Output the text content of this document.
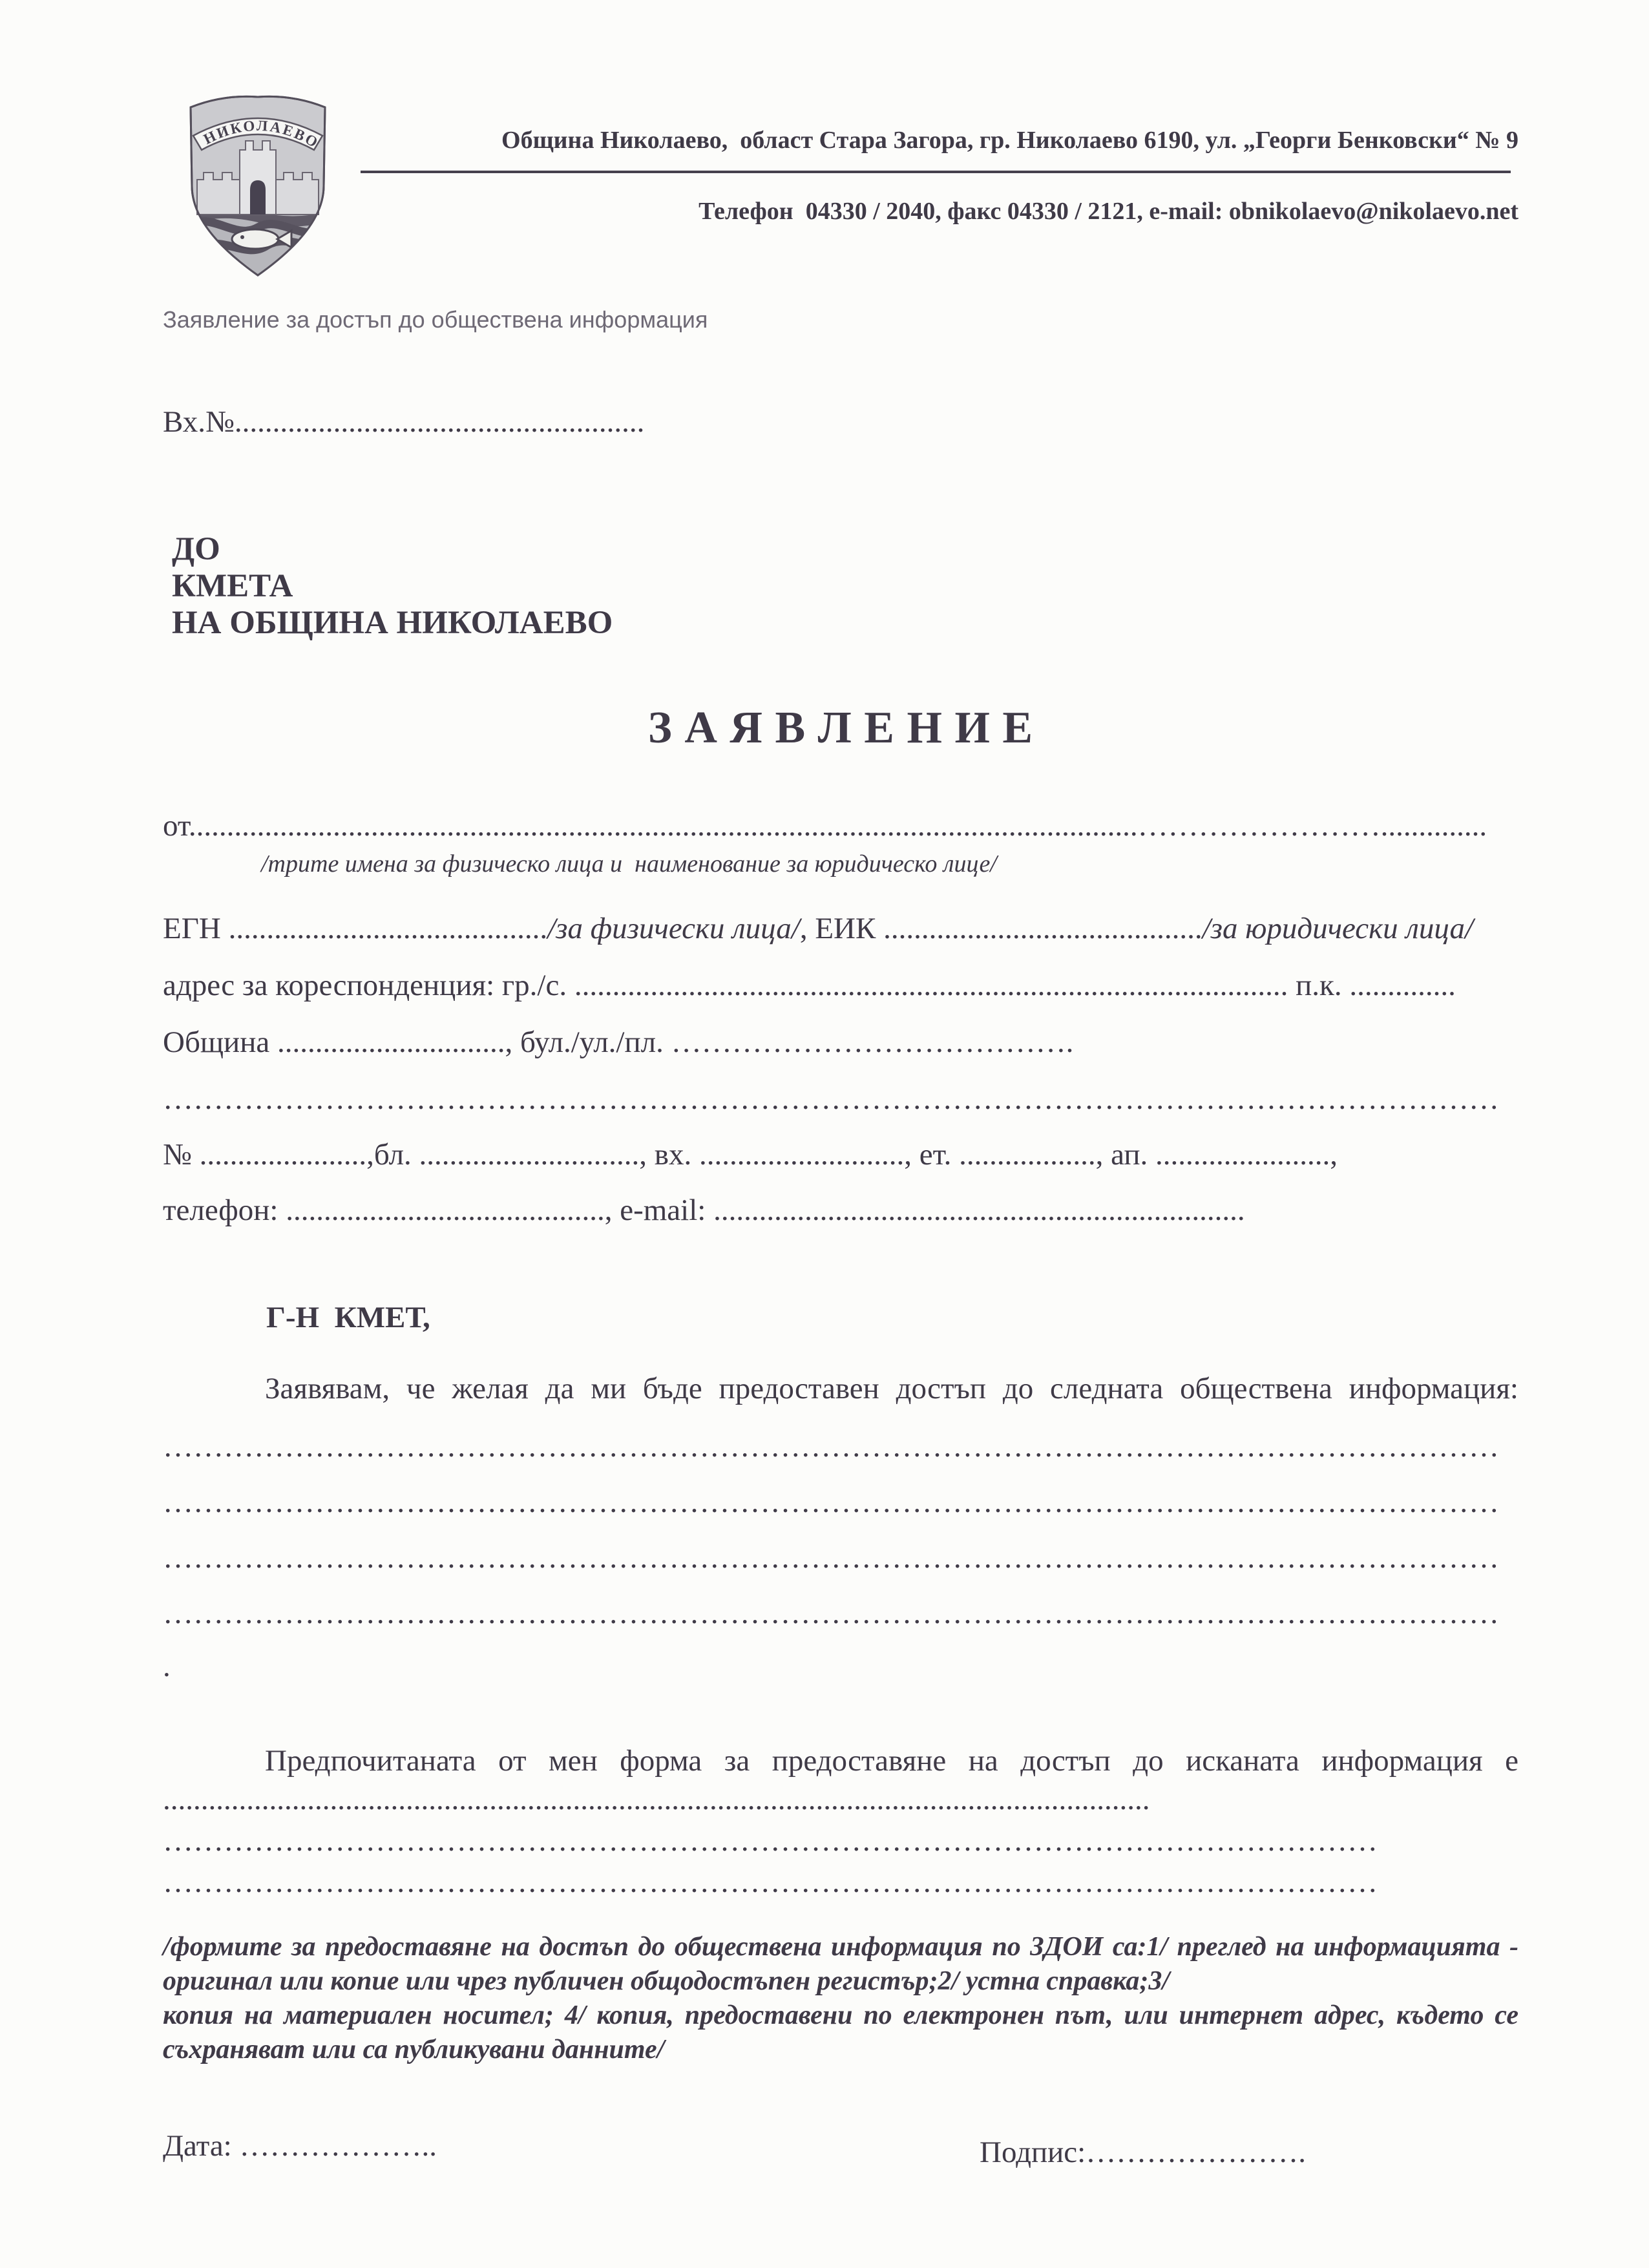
НИКОЛАЕВО	Община Николаево,  област Стара Загора, гр. Николаево 6190, ул. „Георги Бенковски“ № 9
Телефон  04330 / 2040, факс 04330 / 2121, e-mail: obnikolaevo@nikolaevo.net
Заявление за достъп до обществена информация
Вх.№......................................................
ДО
КМЕТА
НА ОБЩИНА НИКОЛАЕВО
З А Я В Л Е Н И Е
от.............................................................................................................................……………………..............
/трите имена за физическо лица и  наименование за юридическо лице/
ЕГН ........................................../за физически лица/, ЕИК ........................................../за юридически лица/
адрес за кореспонденция: гр./с. .............................................................................................. п.к. ..............
Община .............................., бул./ул./пл. ………………………………….
……………………………………………………………………………………………………………………
№ ......................,бл. ............................., вх. ..........................., ет. .................., ап. .......................,
телефон: .........................................., e-mail: ......................................................................
Г-Н  КМЕТ,
Заявявам, че желая да ми бъде предоставен достъп до следната обществена информация:
……………………………………………………………………………………………………………………
……………………………………………………………………………………………………………………
……………………………………………………………………………………………………………………
……………………………………………………………………………………………………………………
.
Предпочитаната от мен форма за предоставяне на достъп до исканата информация е
..................................................................................................................................
…………………………………………………………………………………………………………
…………………………………………………………………………………………………………
/формите за предоставяне на достъп до обществена информация по ЗДОИ са:1/ преглед на информацията -
оригинал или копие или чрез публичен общодостъпен регистър;2/ устна справка;3/
копия на материален носител; 4/ копия, предоставени по електронен път, или интернет адрес, където се
съхраняват или са публикувани данните/
Дата: ………………..	Подпис:………………….
